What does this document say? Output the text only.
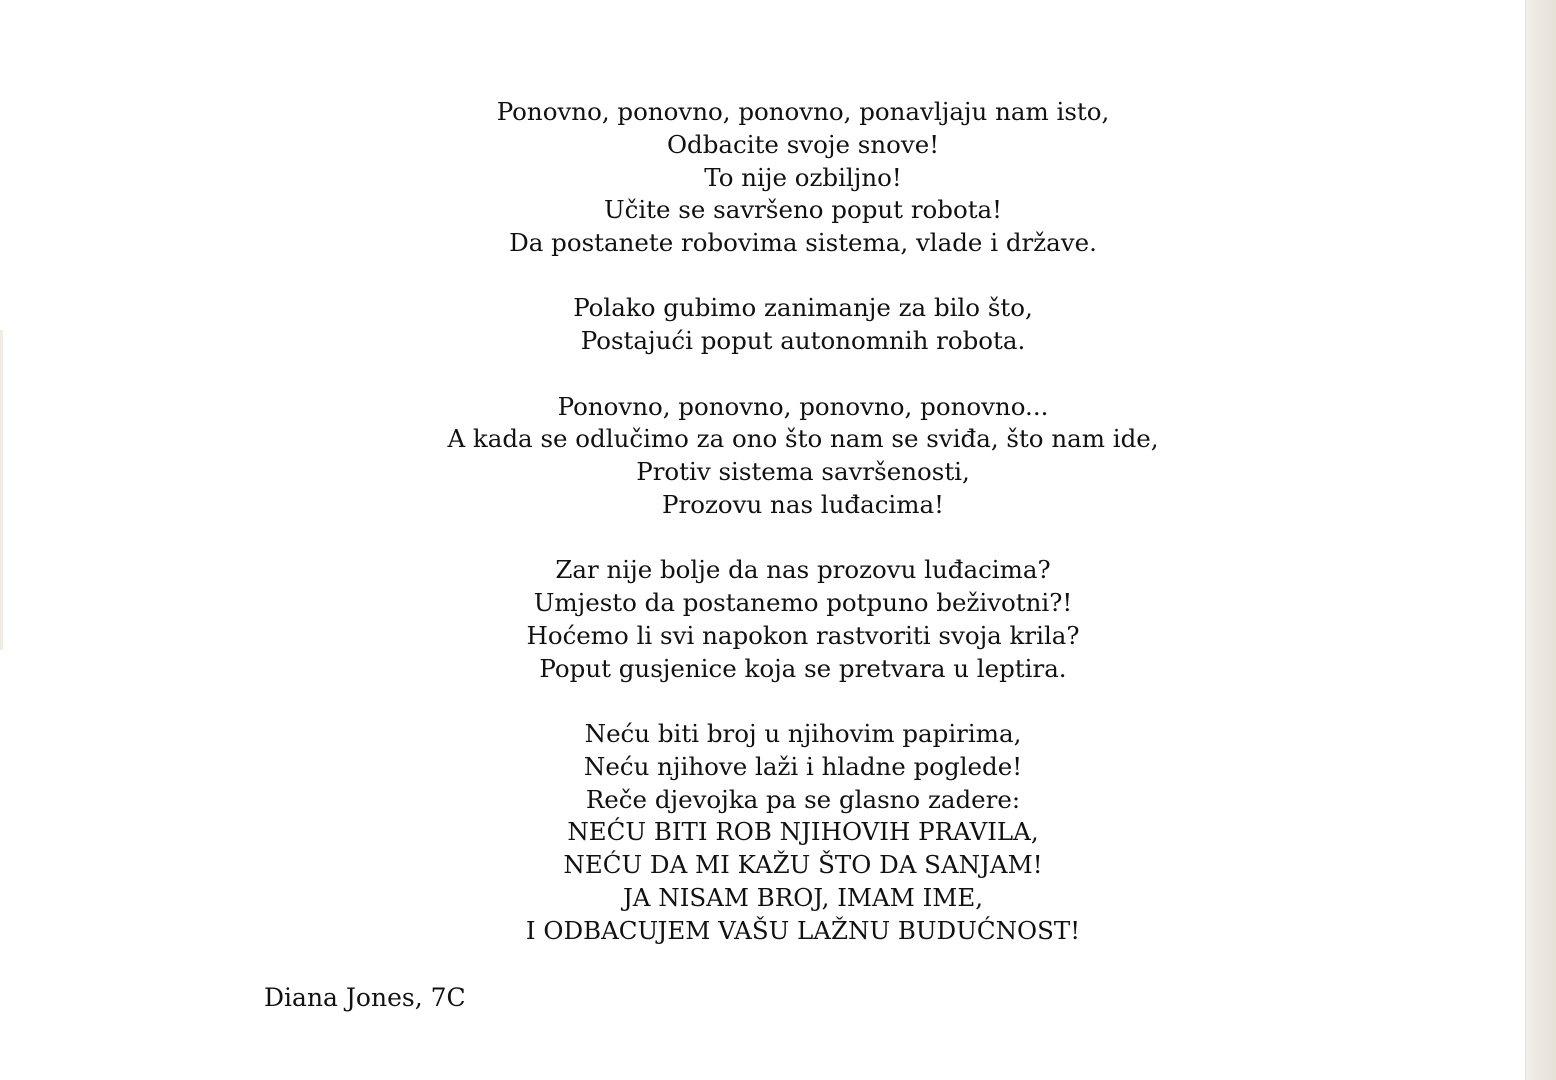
Ponovno, ponovno, ponovno, ponavljaju nam isto,
Odbacite svoje snove!
To nije ozbiljno!
Učite se savršeno poput robota!
Da postanete robovima sistema, vlade i države.
Polako gubimo zanimanje za bilo što,
Postajući poput autonomnih robota.
Ponovno, ponovno, ponovno, ponovno...
A kada se odlučimo za ono što nam se sviđa, što nam ide,
Protiv sistema savršenosti,
Prozovu nas luđacima!
Zar nije bolje da nas prozovu luđacima?
Umjesto da postanemo potpuno beživotni?!
Hoćemo li svi napokon rastvoriti svoja krila?
Poput gusjenice koja se pretvara u leptira.
Neću biti broj u njihovim papirima,
Neću njihove laži i hladne poglede!
Reče djevojka pa se glasno zadere:
NEĆU BITI ROB NJIHOVIH PRAVILA,
NEĆU DA MI KAŽU ŠTO DA SANJAM!
JA NISAM BROJ, IMAM IME,
I ODBACUJEM VAŠU LAŽNU BUDUĆNOST!
Diana Jones, 7C
